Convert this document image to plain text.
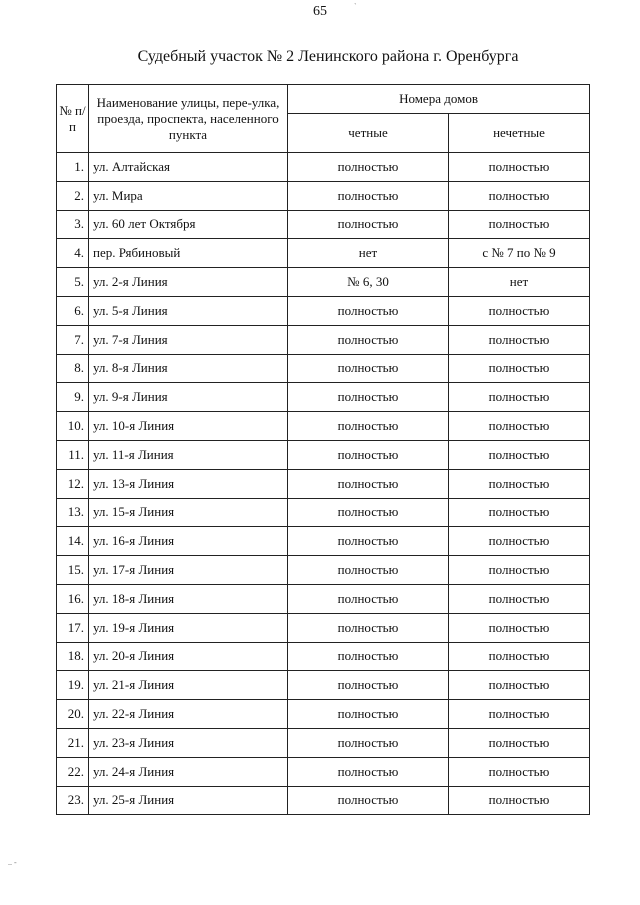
65
Судебный участок № 2 Ленинского района г. Оренбурга
№ п/п	Наименование улицы, пере-улка, проезда, проспекта, населенного пункта	Номера домов	
		четные	нечетные
1.	ул. Алтайская	полностью	полностью
2.	ул. Мира	полностью	полностью
3.	ул. 60 лет Октября	полностью	полностью
4.	пер. Рябиновый	нет	с № 7 по № 9
5.	ул. 2-я Линия	№ 6, 30	нет
6.	ул. 5-я Линия	полностью	полностью
7.	ул. 7-я Линия	полностью	полностью
8.	ул. 8-я Линия	полностью	полностью
9.	ул. 9-я Линия	полностью	полностью
10.	ул. 10-я Линия	полностью	полностью
11.	ул. 11-я Линия	полностью	полностью
12.	ул. 13-я Линия	полностью	полностью
13.	ул. 15-я Линия	полностью	полностью
14.	ул. 16-я Линия	полностью	полностью
15.	ул. 17-я Линия	полностью	полностью
16.	ул. 18-я Линия	полностью	полностью
17.	ул. 19-я Линия	полностью	полностью
18.	ул. 20-я Линия	полностью	полностью
19.	ул. 21-я Линия	полностью	полностью
20.	ул. 22-я Линия	полностью	полностью
21.	ул. 23-я Линия	полностью	полностью
22.	ул. 24-я Линия	полностью	полностью
23.	ул. 25-я Линия	полностью	полностью
ˋ
.. -
